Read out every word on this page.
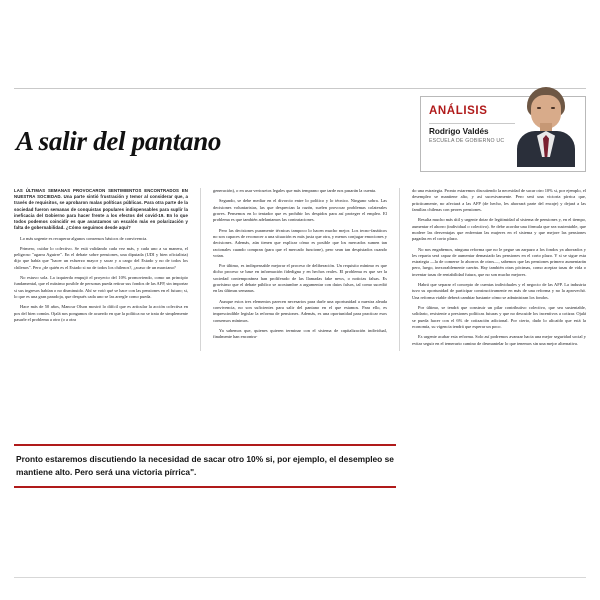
A salir del pantano
ANÁLISIS
Rodrigo Valdés
ESCUELA DE GOBIERNO UC

LAS ÚLTIMAS SEMANAS PROVOCARON SENTIMIENTOS ENCONTRADOS EN NUESTRA SOCIEDAD. Una parte sintió frustración y temor al considerar que, a través de requisitos, se aprobaron malas políticas públicas. Para otra parte de la sociedad fueron semanas de conquistas populares indispensables para suplir la ineficacia del Gobierno para hacer frente a los efectos del covid-19. En lo que todos podemos coincidir es que avanzamos un escalón más en polarización y falta de gobernabilidad. ¿Cómo seguimos desde aquí?

Lo más urgente es recuperar algunos consensos básicos de convivencia.

Primero, cuidar lo colectivo. Se está validando cada vez más, y cada uno a su manera, el peligroso "agarra Aguirre". En el debate sobre pensiones, una diputada (UDI y bien oficialista) dijo que había que "hacer un esfuerzo mayor y sacar y a cargo del Estado y no de todos los chilenos". Pero ¿de quién es el Estado si no de todos los chilenos?, ¿acaso de un marciano?

No estuvo sola. La izquierda empujó el proyecto del 10% promoviendo, como un principio fundamental, que el máximo posible de personas pueda retirar sus fondos de las AFP, sin importar si sus ingresos habían o no disminuido. Ahí se votó qué se hace con las pensiones en el futuro; si, lo que es una gran paradoja, que después cada uno se las arregle como pueda.

Hace más de 50 años, Mancur Olson mostró lo difícil que es articular la acción colectiva en pos del bien común. Ojalá nos pongamos de acuerdo en que la política no se trata de simplemente pasarle el problema a otro (o a otra

generación), o en usar vericuetos legales que más temprano que tarde nos pasarán la cuenta.

Segundo, se debe mediar en el divorcio entre lo político y lo técnico. Ninguno sobra. Las decisiones voluntaristas, las que desprecian la razón, suelen provocar problemas colaterales graves. Pensemos en lo tentador que es prohibir los despidos para así proteger el empleo. El problema es que también adelantamos las contrataciones.

Pero las decisiones puramente técnicas tampoco lo hacen mucho mejor. Los tecno-fanáticos no son capaces de reconocer a una situación es más justa que otra, y menos conjugar emociones y decisiones. Además, aún tienen que explicar cómo es posible que los mercados sumen tan racionales cuando compran (para que el mercado funcione), pero sean tan despistados cuando votan.

Por último, es indispensable mejorar el proceso de deliberación. Un requisito mínimo es que dicho proceso se base en información fidedigna y en hechos reales. El problema es que ser la sociedad contemporánea han proliferado de las llamadas fake news, o noticias falsas. Es gravísimo que el debate público se acostumbre a argumentar con datos falsos, tal como sucedió en las últimas semanas.

Aunque estos tres elementos parecen necesarios para darle una oportunidad a nuestra aleada convivencia, no son suficientes para salir del pantano en el que estamos. Para ello, es imprescindible legislar la reforma de pensiones. Además, es una oportunidad para practicar esos consensos mínimos.

Ya sabemos que, quienes quieren terminar con el sistema de capitalización individual, finalmente han encontra-

do una estrategia. Pronto estaremos discutiendo la necesidad de sacar otro 10% si, por ejemplo, el desempleo se mantiene alto, y así sucesivamente. Pero será una victoria pírrica que, prácticamente, no afectará a las AFP (de hecho, les ahorrará parte del encaje) y dejará a las familias chilenas con peores pensiones.

Resulta mucho más útil y urgente dotar de legitimidad al sistema de pensiones y, en el tiempo, aumentar el ahorro (individual o colectivo). Se debe acordar una fórmula que sea sustentable, que modere las desventajas que enfrentan las mujeres en el sistema y que mejore las pensiones pagadas en el corto plazo.

No nos engañemos, ninguna reforma que no le pegue un zarpazo a los fondos ya ahorrados y les reparta será capaz de aumentar demasiado las pensiones en el corto plazo. Y si se sigue esta estrategia —la de comerse lo ahorros de otros—, sabemos que las pensiones primero aumentarán pero, luego, inexorablemente caerán. Hay también otras pócimas, como aceptar tasas de vida o inventar tasas de rentabilidad futura, que no son mucho mejores.

Habrá que separar el concepto de cuentas individuales y el negocio de las AFP. La industria tuvo su oportunidad de participar constructivamente en más de una reforma y no la aprovechó. Una reforma viable deberá cambiar bastante cómo se administran los fondos.

Por último, se tendrá que construir un pilar contributivo colectivo, que sea sustentable, solidario, resistente a presiones políticas futuras y que no descuide los incentivos a cotizar. Ojalá se pueda hacer con el 6% de cotización adicional. Por cierto, dado lo alicaído que está la economía, su vigencia tendrá que esperar un poco.

Es urgente acabar esta reforma. Solo así podremos avanzar hacia una mejor seguridad social y evitar seguir en el temerario camino de desmantelar lo que tenemos sin una mejor alternativa.

Pronto estaremos discutiendo la necesidad de sacar otro 10% si, por ejemplo, el desempleo se mantiene alto. Pero será una victoria pírrica".
